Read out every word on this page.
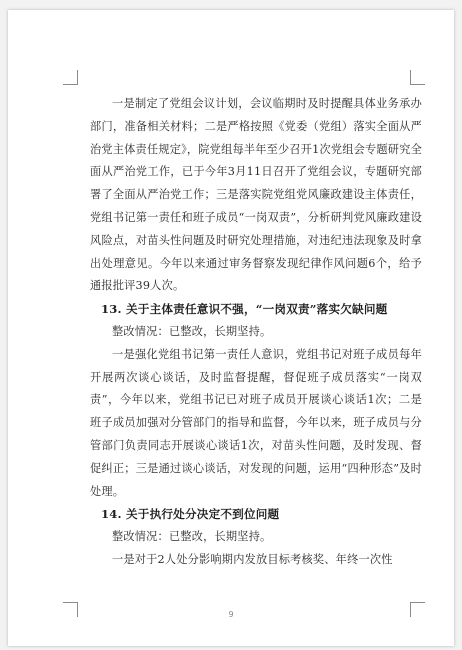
一是制定了党组会议计划，会议临期时及时提醒具体业务承办部门，准备相关材料；二是严格按照《党委（党组）落实全面从严治党主体责任规定》，院党组每半年至少召开1次党组会专题研究全面从严治党工作，已于今年3月11日召开了党组会议，专题研究部署了全面从严治党工作；三是落实院党组党风廉政建设主体责任，党组书记第一责任和班子成员“一岗双责”，分析研判党风廉政建设风险点，对苗头性问题及时研究处理措施，对违纪违法现象及时拿出处理意见。今年以来通过审务督察发现纪律作风问题6个，给予通报批评39人次。

13. 关于主体责任意识不强，“一岗双责”落实欠缺问题

整改情况：已整改，长期坚持。

一是强化党组书记第一责任人意识，党组书记对班子成员每年开展两次谈心谈话，及时监督提醒，督促班子成员落实“一岗双责”，今年以来，党组书记已对班子成员开展谈心谈话1次；二是班子成员加强对分管部门的指导和监督，今年以来，班子成员与分管部门负责同志开展谈心谈话1次，对苗头性问题，及时发现、督促纠正；三是通过谈心谈话，对发现的问题，运用“四种形态”及时处理。

14. 关于执行处分决定不到位问题

整改情况：已整改，长期坚持。

一是对于2人处分影响期内发放目标考核奖、年终一次性

9
